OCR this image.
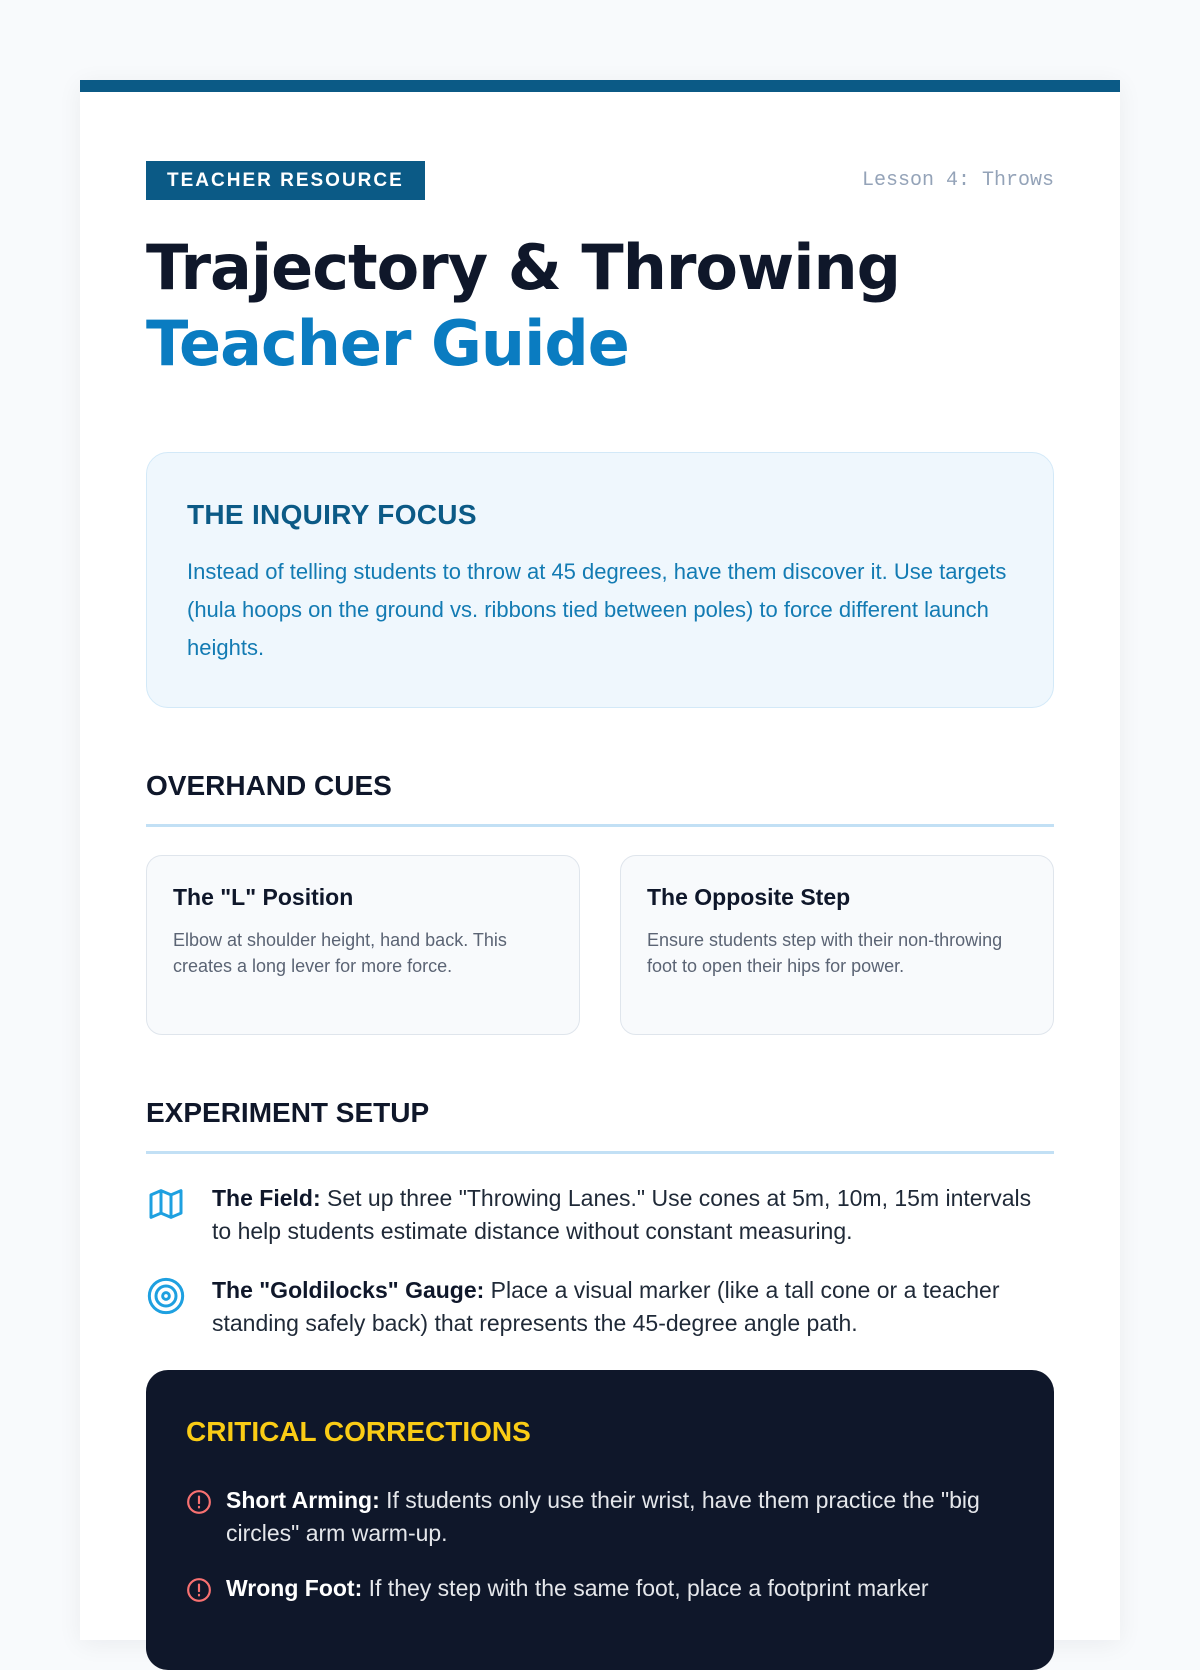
TEACHER RESOURCE	Lesson 4: Throws
Trajectory & Throwing
Teacher Guide
THE INQUIRY FOCUS

Instead of telling students to throw at 45 degrees, have them discover it. Use targets (hula hoops on the ground vs. ribbons tied between poles) to force different launch heights.

OVERHAND CUES
The "L" Position

Elbow at shoulder height, hand back. This creates a long lever for more force.

The Opposite Step

Ensure students step with their non-throwing foot to open their hips for power.

EXPERIMENT SETUP
The Field: Set up three "Throwing Lanes." Use cones at 5m, 10m, 15m intervals to help students estimate distance without constant measuring.
The "Goldilocks" Gauge: Place a visual marker (like a tall cone or a teacher standing safely back) that represents the 45-degree angle path.
CRITICAL CORRECTIONS
Short Arming: If students only use their wrist, have them practice the "big circles" arm warm-up.
Wrong Foot: If they step with the same foot, place a footprint marker
